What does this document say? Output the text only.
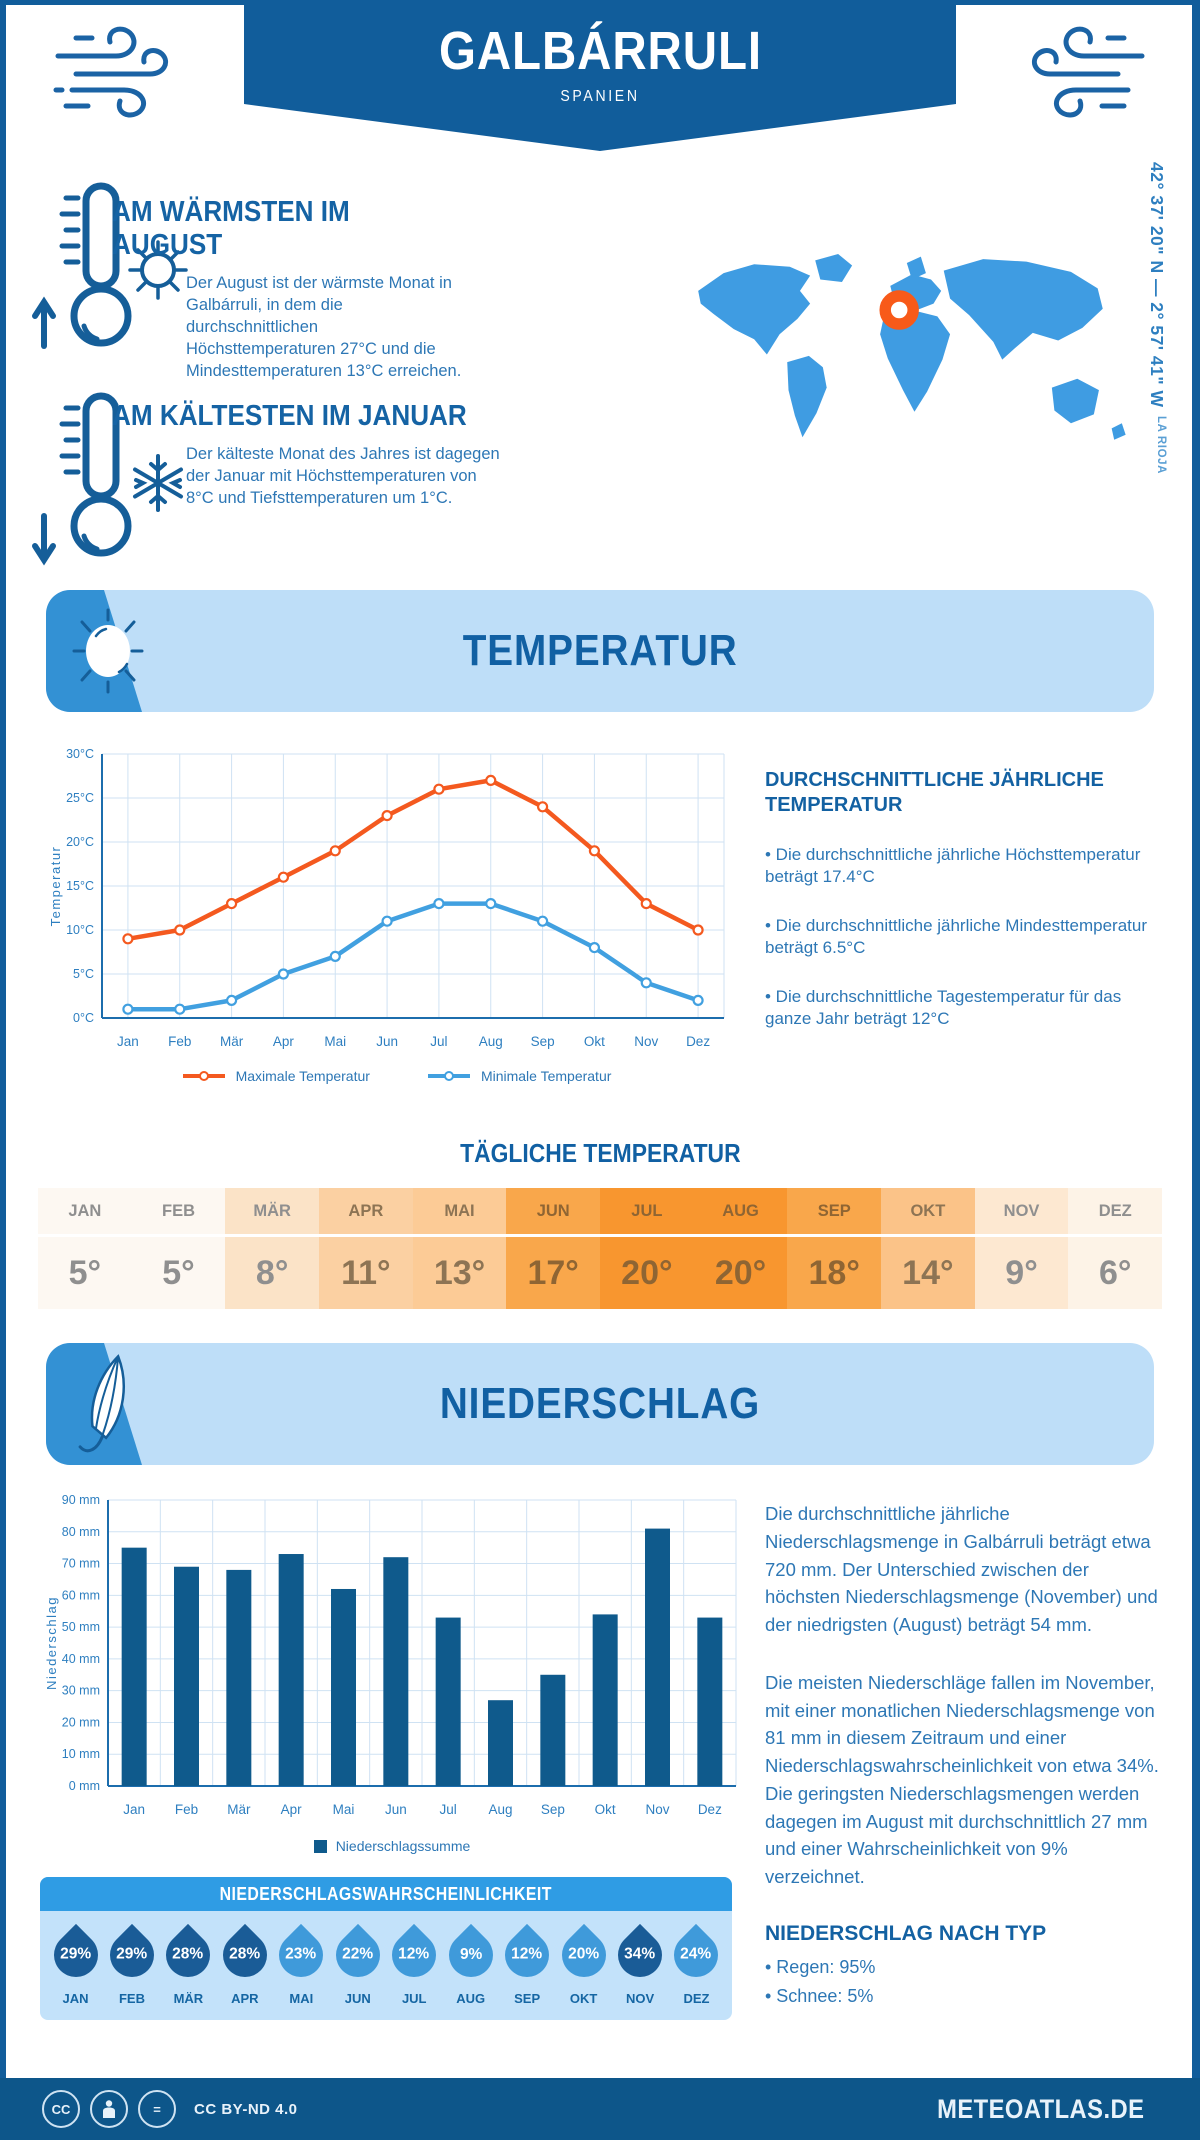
GALBÁRRULI
SPANIEN
AM WÄRMSTEN IM AUGUST

Der August ist der wärmste Monat in Galbárruli, in dem die durchschnittlichen Höchsttemperaturen 27°C und die Mindesttemperaturen 13°C erreichen.

AM KÄLTESTEN IM JANUAR

Der kälteste Monat des Jahres ist dagegen der Januar mit Höchsttemperaturen von 8°C und Tiefsttemperaturen um 1°C.

42° 37' 20" N — 2° 57' 41" W
LA RIOJA
TEMPERATUR
0°C
5°C
10°C
15°C
20°C
25°C
30°C
Jan Feb Mär Apr Mai Jun Jul Aug Sep Okt Nov Dez
Temperatur
Maximale Temperatur	Minimale Temperatur
DURCHSCHNITTLICHE JÄHRLICHE TEMPERATUR

• Die durchschnittliche jährliche Höchsttemperatur beträgt 17.4°C

• Die durchschnittliche jährliche Mindesttemperatur beträgt 6.5°C

• Die durchschnittliche Tagestemperatur für das ganze Jahr beträgt 12°C

TÄGLICHE TEMPERATUR
JAN
5°
FEB
5°
MÄR
8°
APR
11°
MAI
13°
JUN
17°
JUL
20°
AUG
20°
SEP
18°
OKT
14°
NOV
9°
DEZ
6°
NIEDERSCHLAG
0 mm
10 mm
20 mm
30 mm
40 mm
50 mm
60 mm
70 mm
80 mm
90 mm
Jan Feb Mär Apr Mai Jun Jul Aug Sep Okt Nov Dez
Niederschlag
Niederschlagssumme

Die durchschnittliche jährliche Niederschlagsmenge in Galbárruli beträgt etwa 720 mm. Der Unterschied zwischen der höchsten Niederschlagsmenge (November) und der niedrigsten (August) beträgt 54 mm.

Die meisten Niederschläge fallen im November, mit einer monatlichen Niederschlagsmenge von 81 mm in diesem Zeitraum und einer Niederschlagswahrscheinlichkeit von etwa 34%. Die geringsten Niederschlagsmengen werden dagegen im August mit durchschnittlich 27 mm und einer Wahrscheinlichkeit von 9% verzeichnet.

NIEDERSCHLAG NACH TYP

• Regen: 95%

• Schnee: 5%

NIEDERSCHLAGSWAHRSCHEINLICHKEIT
29%
JAN
29%
FEB
28%
MÄR
28%
APR
23%
MAI
22%
JUN
12%
JUL
9%
AUG
12%
SEP
20%
OKT
34%
NOV
24%
DEZ
CC	=	CC BY-ND 4.0	METEOATLAS.DE
